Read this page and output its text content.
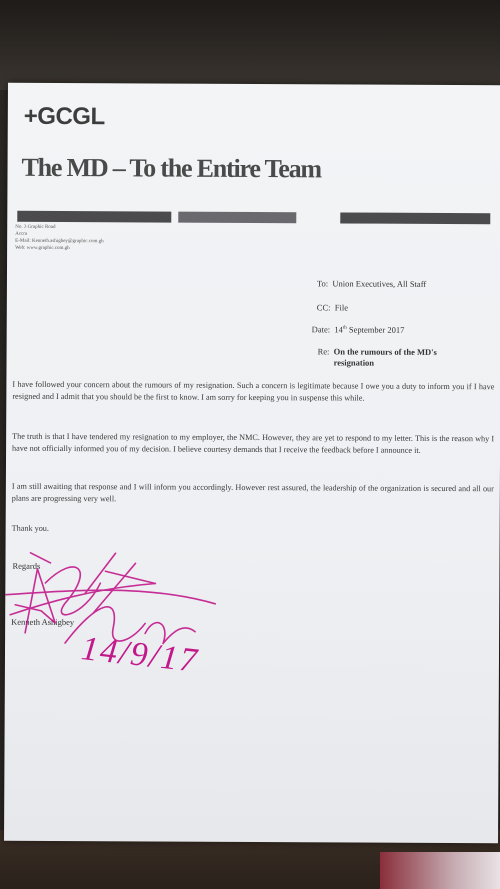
+GCGL
The MD – To the Entire Team
No. 3 Graphic Road
Accra
E-Mail: Kenneth.ashigbey@graphic.com.gh
Web: www.graphic.com.gh
To: Union Executives, All Staff
CC: File
Date: 14th September 2017
Re: On the rumours of the MD's
resignation

I have followed your concern about the rumours of my resignation. Such a concern is legitimate because I owe you a duty to inform you if I have resigned and I admit that you should be the first to know. I am sorry for keeping you in suspense this while.

The truth is that I have tendered my resignation to my employer, the NMC. However, they are yet to respond to my letter. This is the reason why I have not officially informed you of my decision. I believe courtesy demands that I receive the feedback before I announce it.

I am still awaiting that response and I will inform you accordingly. However rest assured, the leadership of the organization is secured and all our plans are progressing very well.

Thank you.

Regards
Kenneth Ashigbey
14/9/17
